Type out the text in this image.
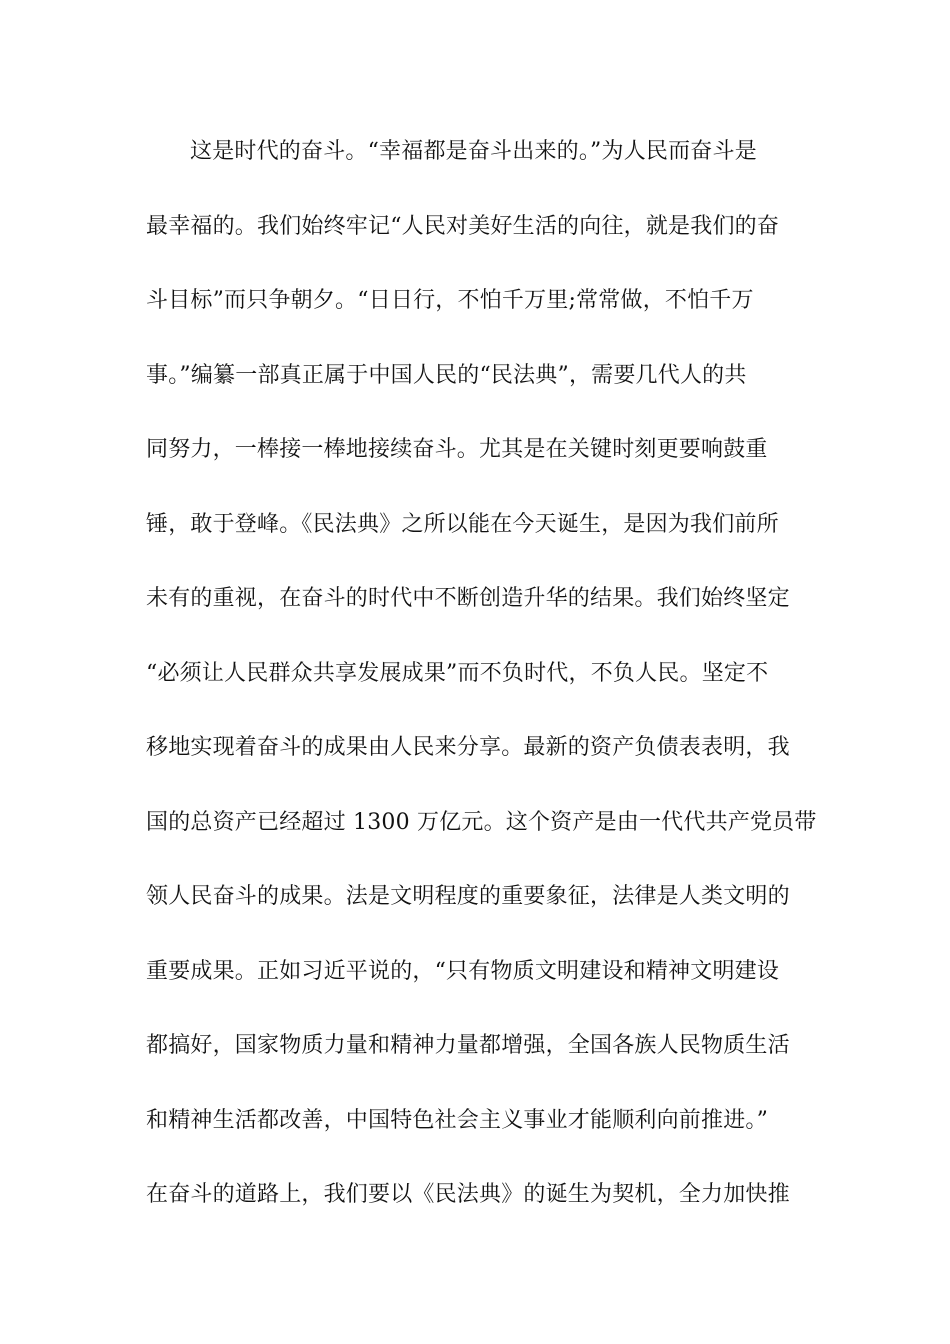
这是时代的奋斗。“幸福都是奋斗出来的。”为人民而奋斗是
最幸福的。我们始终牢记“人民对美好生活的向往，就是我们的奋
斗目标”而只争朝夕。“日日行，不怕千万里;常常做，不怕千万
事。”编纂一部真正属于中国人民的“民法典”，需要几代人的共
同努力，一棒接一棒地接续奋斗。尤其是在关键时刻更要响鼓重
锤，敢于登峰。《民法典》之所以能在今天诞生，是因为我们前所
未有的重视，在奋斗的时代中不断创造升华的结果。我们始终坚定
“必须让人民群众共享发展成果”而不负时代，不负人民。坚定不
移地实现着奋斗的成果由人民来分享。最新的资产负债表表明，我
国的总资产已经超过 1300 万亿元。这个资产是由一代代共产党员带
领人民奋斗的成果。法是文明程度的重要象征，法律是人类文明的
重要成果。正如习近平说的，“只有物质文明建设和精神文明建设
都搞好，国家物质力量和精神力量都增强，全国各族人民物质生活
和精神生活都改善，中国特色社会主义事业才能顺利向前推进。”
在奋斗的道路上，我们要以《民法典》的诞生为契机，全力加快推
